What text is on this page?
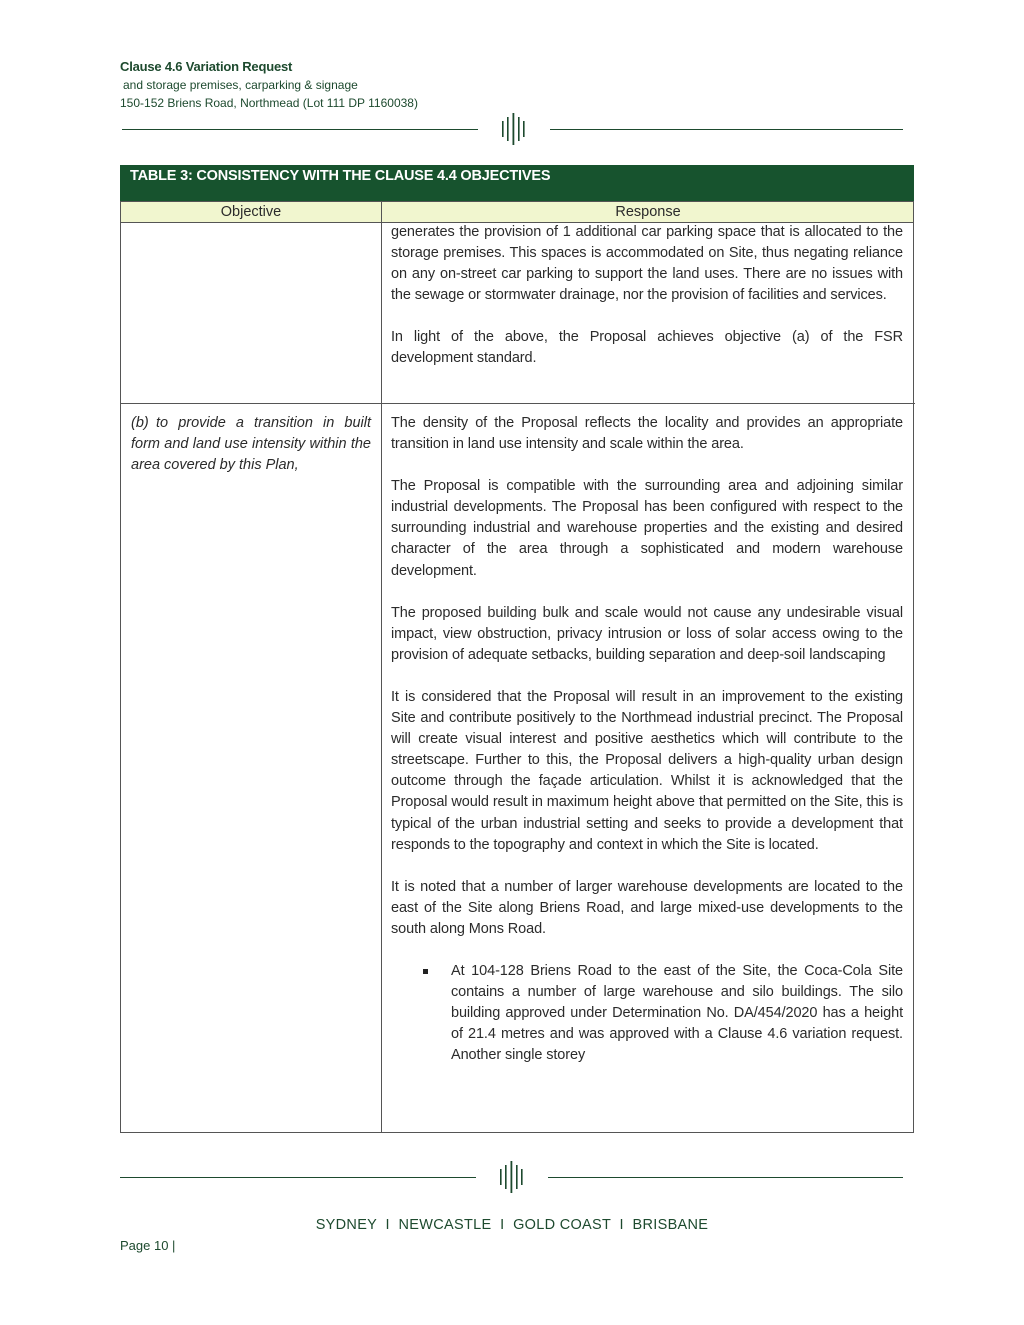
Clause 4.6 Variation Request
and storage premises, carparking & signage
150-152 Briens Road, Northmead (Lot 111 DP 1160038)
TABLE 3: CONSISTENCY WITH THE CLAUSE 4.4 OBJECTIVES
Objective	Response

generates the provision of 1 additional car parking space that is allocated to the storage premises. This spaces is accommodated on Site, thus negating reliance on any on-street car parking to support the land uses. There are no issues with the sewage or stormwater drainage, nor the provision of facilities and services.

In light of the above, the Proposal achieves objective (a) of the FSR development standard.

(b) to provide a transition in built form and land use intensity within the area covered by this Plan,

The density of the Proposal reflects the locality and provides an appropriate transition in land use intensity and scale within the area.

The Proposal is compatible with the surrounding area and adjoining similar industrial developments. The Proposal has been configured with respect to the surrounding industrial and warehouse properties and the existing and desired character of the area through a sophisticated and modern warehouse development.

The proposed building bulk and scale would not cause any undesirable visual impact, view obstruction, privacy intrusion or loss of solar access owing to the provision of adequate setbacks, building separation and deep-soil landscaping

It is considered that the Proposal will result in an improvement to the existing Site and contribute positively to the Northmead industrial precinct. The Proposal will create visual interest and positive aesthetics which will contribute to the streetscape. Further to this, the Proposal delivers a high-quality urban design outcome through the façade articulation. Whilst it is acknowledged that the Proposal would result in maximum height above that permitted on the Site, this is typical of the urban industrial setting and seeks to provide a development that responds to the topography and context in which the Site is located.

It is noted that a number of larger warehouse developments are located to the east of the Site along Briens Road, and large mixed-use developments to the south along Mons Road.

At 104-128 Briens Road to the east of the Site, the Coca-Cola Site contains a number of large warehouse and silo buildings. The silo building approved under Determination No. DA/454/2020 has a height of 21.4 metres and was approved with a Clause 4.6 variation request. Another single storey
SYDNEY  I  NEWCASTLE  I  GOLD COAST  I  BRISBANE
Page 10 |
